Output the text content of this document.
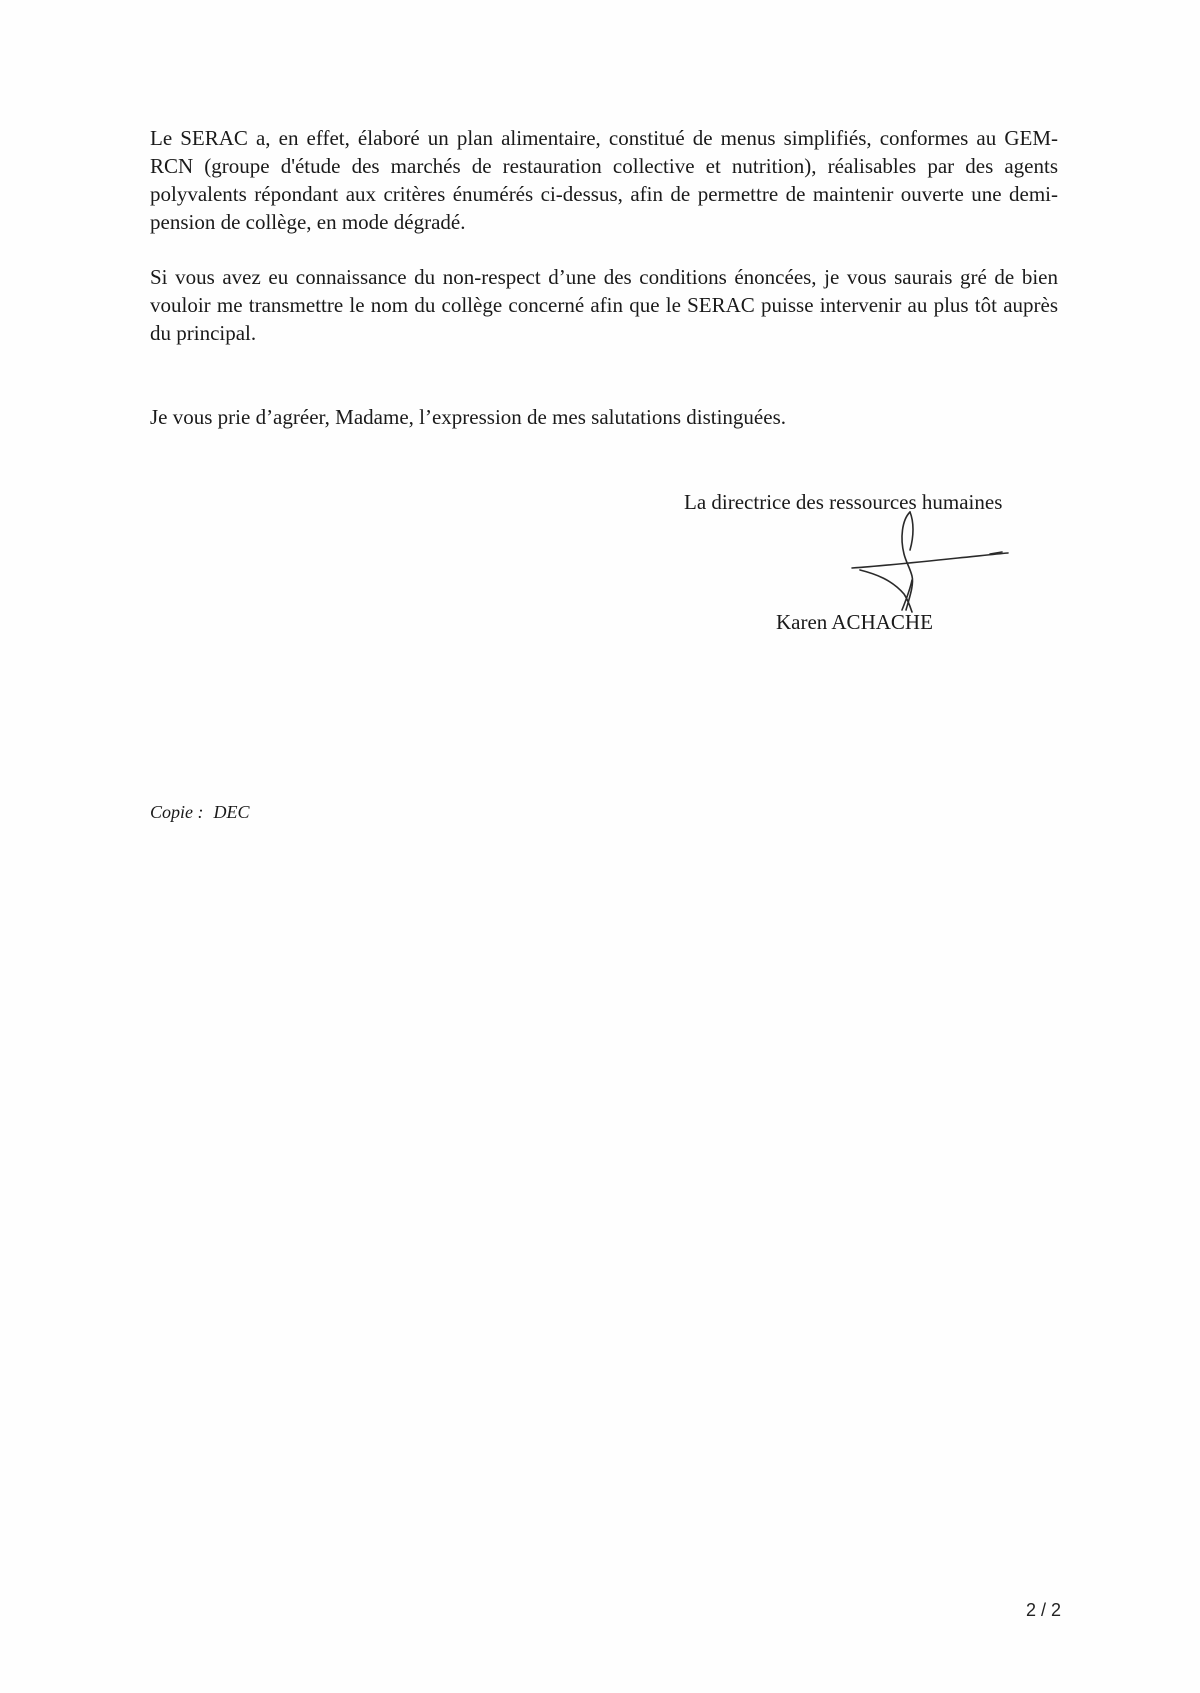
Le SERAC a, en effet, élaboré un plan alimentaire, constitué de menus simplifiés, conformes au GEM-RCN (groupe d'étude des marchés de restauration collective et nutrition), réalisables par des agents polyvalents répondant aux critères énumérés ci-dessus, afin de permettre de maintenir ouverte une demi-pension de collège, en mode dégradé.

Si vous avez eu connaissance du non-respect d’une des conditions énoncées, je vous saurais gré de bien vouloir me transmettre le nom du collège concerné afin que le SERAC puisse intervenir au plus tôt auprès du principal.

Je vous prie d’agréer, Madame, l’expression de mes salutations distinguées.

La directrice des ressources humaines
Karen ACHACHE
Copie : DEC
2 / 2
